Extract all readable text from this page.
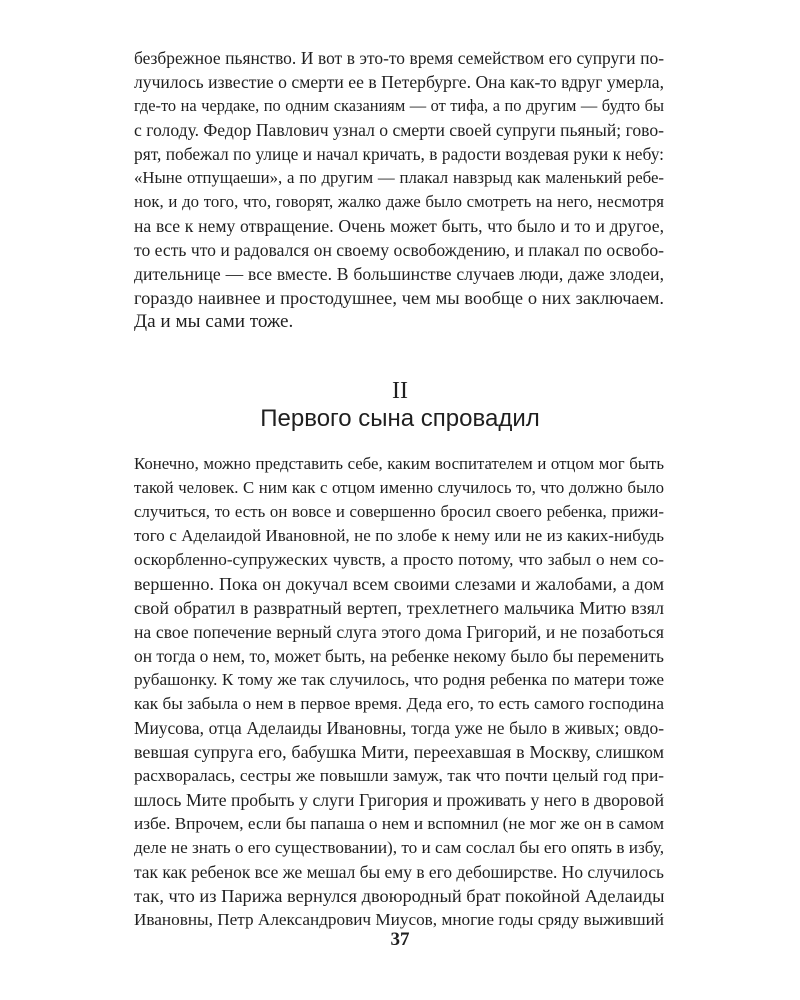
безбрежное пьянство. И вот в это-то время семейством его супруги по-
лучилось известие о смерти ее в Петербурге. Она как-то вдруг умерла,
где-то на чердаке, по одним сказаниям — от тифа, а по другим — будто бы
с голоду. Федор Павлович узнал о смерти своей супруги пьяный; гово-
рят, побежал по улице и начал кричать, в радости воздевая руки к небу:
«Ныне отпущаеши», а по другим — плакал навзрыд как маленький ребе-
нок, и до того, что, говорят, жалко даже было смотреть на него, несмотря
на все к нему отвращение. Очень может быть, что было и то и другое,
то есть что и радовался он своему освобождению, и плакал по освобо-
дительнице — все вместе. В большинстве случаев люди, даже злодеи,
гораздо наивнее и простодушнее, чем мы вообще о них заключаем.
Да и мы сами тоже.
II
Первого сына спровадил
Конечно, можно представить себе, каким воспитателем и отцом мог быть
такой человек. С ним как с отцом именно случилось то, что должно было
случиться, то есть он вовсе и совершенно бросил своего ребенка, прижи-
того с Аделаидой Ивановной, не по злобе к нему или не из каких-нибудь
оскорбленно-супружеских чувств, а просто потому, что забыл о нем со-
вершенно. Пока он докучал всем своими слезами и жалобами, а дом
свой обратил в развратный вертеп, трехлетнего мальчика Митю взял
на свое попечение верный слуга этого дома Григорий, и не позаботься
он тогда о нем, то, может быть, на ребенке некому было бы переменить
рубашонку. К тому же так случилось, что родня ребенка по матери тоже
как бы забыла о нем в первое время. Деда его, то есть самого господина
Миусова, отца Аделаиды Ивановны, тогда уже не было в живых; овдо-
вевшая супруга его, бабушка Мити, переехавшая в Москву, слишком
расхворалась, сестры же повышли замуж, так что почти целый год при-
шлось Мите пробыть у слуги Григория и проживать у него в дворовой
избе. Впрочем, если бы папаша о нем и вспомнил (не мог же он в самом
деле не знать о его существовании), то и сам сослал бы его опять в избу,
так как ребенок все же мешал бы ему в его дебоширстве. Но случилось
так, что из Парижа вернулся двоюродный брат покойной Аделаиды
Ивановны, Петр Александрович Миусов, многие годы сряду выживший
37
